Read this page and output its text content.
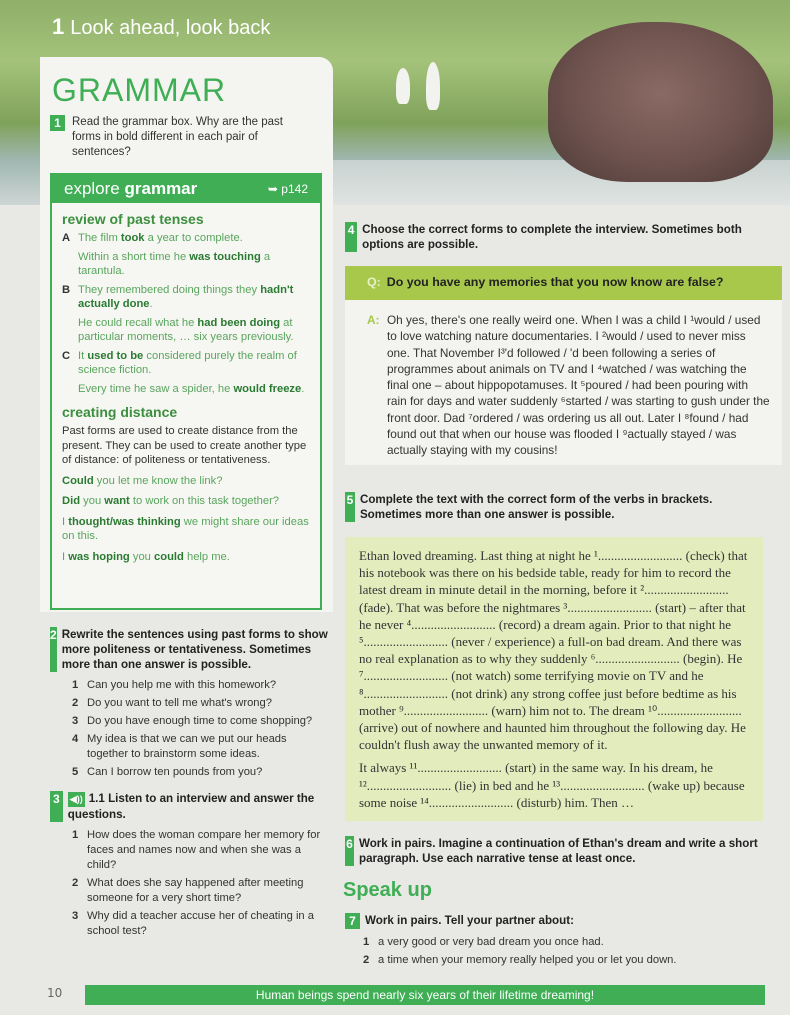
1 Look ahead, look back
GRAMMAR
1 Read the grammar box. Why are the past forms in bold different in each pair of sentences?
explore grammar	➥ p142
review of past tenses
A The film took a year to complete.
Within a short time he was touching a tarantula.
B They remembered doing things they hadn't actually done.
He could recall what he had been doing at particular moments, … six years previously.
C It used to be considered purely the realm of science fiction.
Every time he saw a spider, he would freeze.
creating distance
Past forms are used to create distance from the present. They can be used to create another type of distance: of politeness or tentativeness.
Could you let me know the link?
Did you want to work on this task together?
I thought/was thinking we might share our ideas on this.
I was hoping you could help me.
2 Rewrite the sentences using past forms to show more politeness or tentativeness. Sometimes more than one answer is possible.
1 Can you help me with this homework?
2 Do you want to tell me what's wrong?
3 Do you have enough time to come shopping?
4 My idea is that we can we put our heads together to brainstorm some ideas.
5 Can I borrow ten pounds from you?
3	◀)) 1.1 Listen to an interview and answer the questions.
1 How does the woman compare her memory for faces and names now and when she was a child?
2 What does she say happened after meeting someone for a very short time?
3 Why did a teacher accuse her of cheating in a school test?
4 Choose the correct forms to complete the interview. Sometimes both options are possible.
Q: Do you have any memories that you now know are false?
A: Oh yes, there's one really weird one. When I was a child I ¹would / used to love watching nature documentaries. I ²would / used to never miss one. That November I³'d followed / 'd been following a series of programmes about animals on TV and I ⁴watched / was watching the final one – about hippopotamuses. It ⁵poured / had been pouring with rain for days and water suddenly ⁶started / was starting to gush under the front door. Dad ⁷ordered / was ordering us all out. Later I ⁸found / had found out that when our house was flooded I ⁹actually stayed / was actually staying with my cousins!
5 Complete the text with the correct form of the verbs in brackets. Sometimes more than one answer is possible.

Ethan loved dreaming. Last thing at night he ¹.......................... (check) that his notebook was there on his bedside table, ready for him to record the latest dream in minute detail in the morning, before it ².......................... (fade). That was before the nightmares ³.......................... (start) – after that he never ⁴.......................... (record) a dream again. Prior to that night he ⁵.......................... (never / experience) a full-on bad dream. And there was no real explanation as to why they suddenly ⁶.......................... (begin). He ⁷.......................... (not watch) some terrifying movie on TV and he ⁸.......................... (not drink) any strong coffee just before bedtime as his mother ⁹.......................... (warn) him not to. The dream ¹⁰.......................... (arrive) out of nowhere and haunted him throughout the following day. He couldn't flush away the unwanted memory of it.

It always ¹¹.......................... (start) in the same way. In his dream, he ¹².......................... (lie) in bed and he ¹³.......................... (wake up) because some noise ¹⁴.......................... (disturb) him. Then …

6 Work in pairs. Imagine a continuation of Ethan's dream and write a short paragraph. Use each narrative tense at least once.
Speak up
7 Work in pairs. Tell your partner about:
1 a very good or very bad dream you once had.
2 a time when your memory really helped you or let you down.
10	Human beings spend nearly six years of their lifetime dreaming!
